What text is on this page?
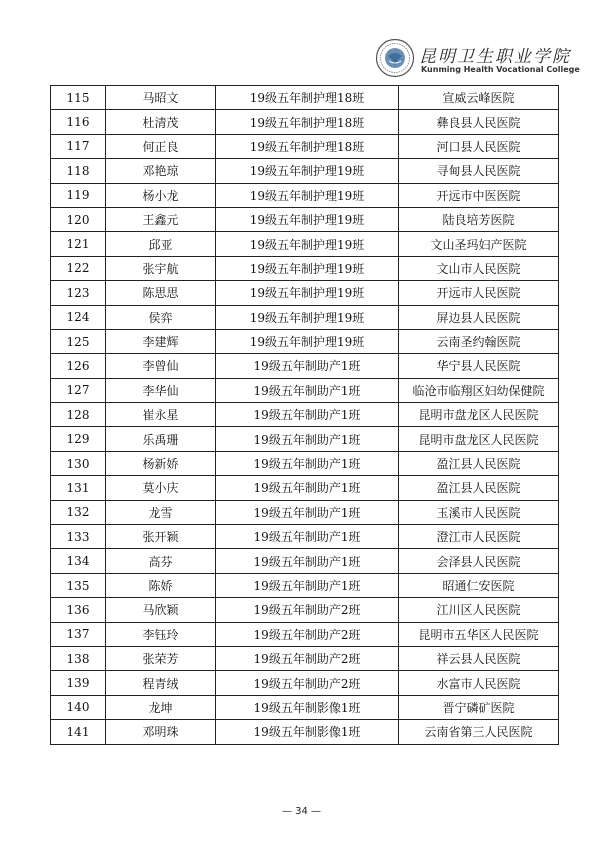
昆明卫生职业学院
Kunming Health Vocational College
115	马昭文	19级五年制护理18班	宣威云峰医院
116	杜清茂	19级五年制护理18班	彝良县人民医院
117	何正良	19级五年制护理18班	河口县人民医院
118	邓艳琼	19级五年制护理19班	寻甸县人民医院
119	杨小龙	19级五年制护理19班	开远市中医医院
120	王鑫元	19级五年制护理19班	陆良培芳医院
121	邱亚	19级五年制护理19班	文山圣玛妇产医院
122	张宇航	19级五年制护理19班	文山市人民医院
123	陈思思	19级五年制护理19班	开远市人民医院
124	侯弈	19级五年制护理19班	屏边县人民医院
125	李建辉	19级五年制护理19班	云南圣约翰医院
126	李曾仙	19级五年制助产1班	华宁县人民医院
127	李华仙	19级五年制助产1班	临沧市临翔区妇幼保健院
128	崔永星	19级五年制助产1班	昆明市盘龙区人民医院
129	乐禹珊	19级五年制助产1班	昆明市盘龙区人民医院
130	杨新娇	19级五年制助产1班	盈江县人民医院
131	莫小庆	19级五年制助产1班	盈江县人民医院
132	龙雪	19级五年制助产1班	玉溪市人民医院
133	张开颖	19级五年制助产1班	澄江市人民医院
134	高芬	19级五年制助产1班	会泽县人民医院
135	陈娇	19级五年制助产1班	昭通仁安医院
136	马欣颖	19级五年制助产2班	江川区人民医院
137	李钰玲	19级五年制助产2班	昆明市五华区人民医院
138	张荣芳	19级五年制助产2班	祥云县人民医院
139	程青绒	19级五年制助产2班	水富市人民医院
140	龙坤	19级五年制影像1班	晋宁磷矿医院
141	邓明珠	19级五年制影像1班	云南省第三人民医院
— 34 —
